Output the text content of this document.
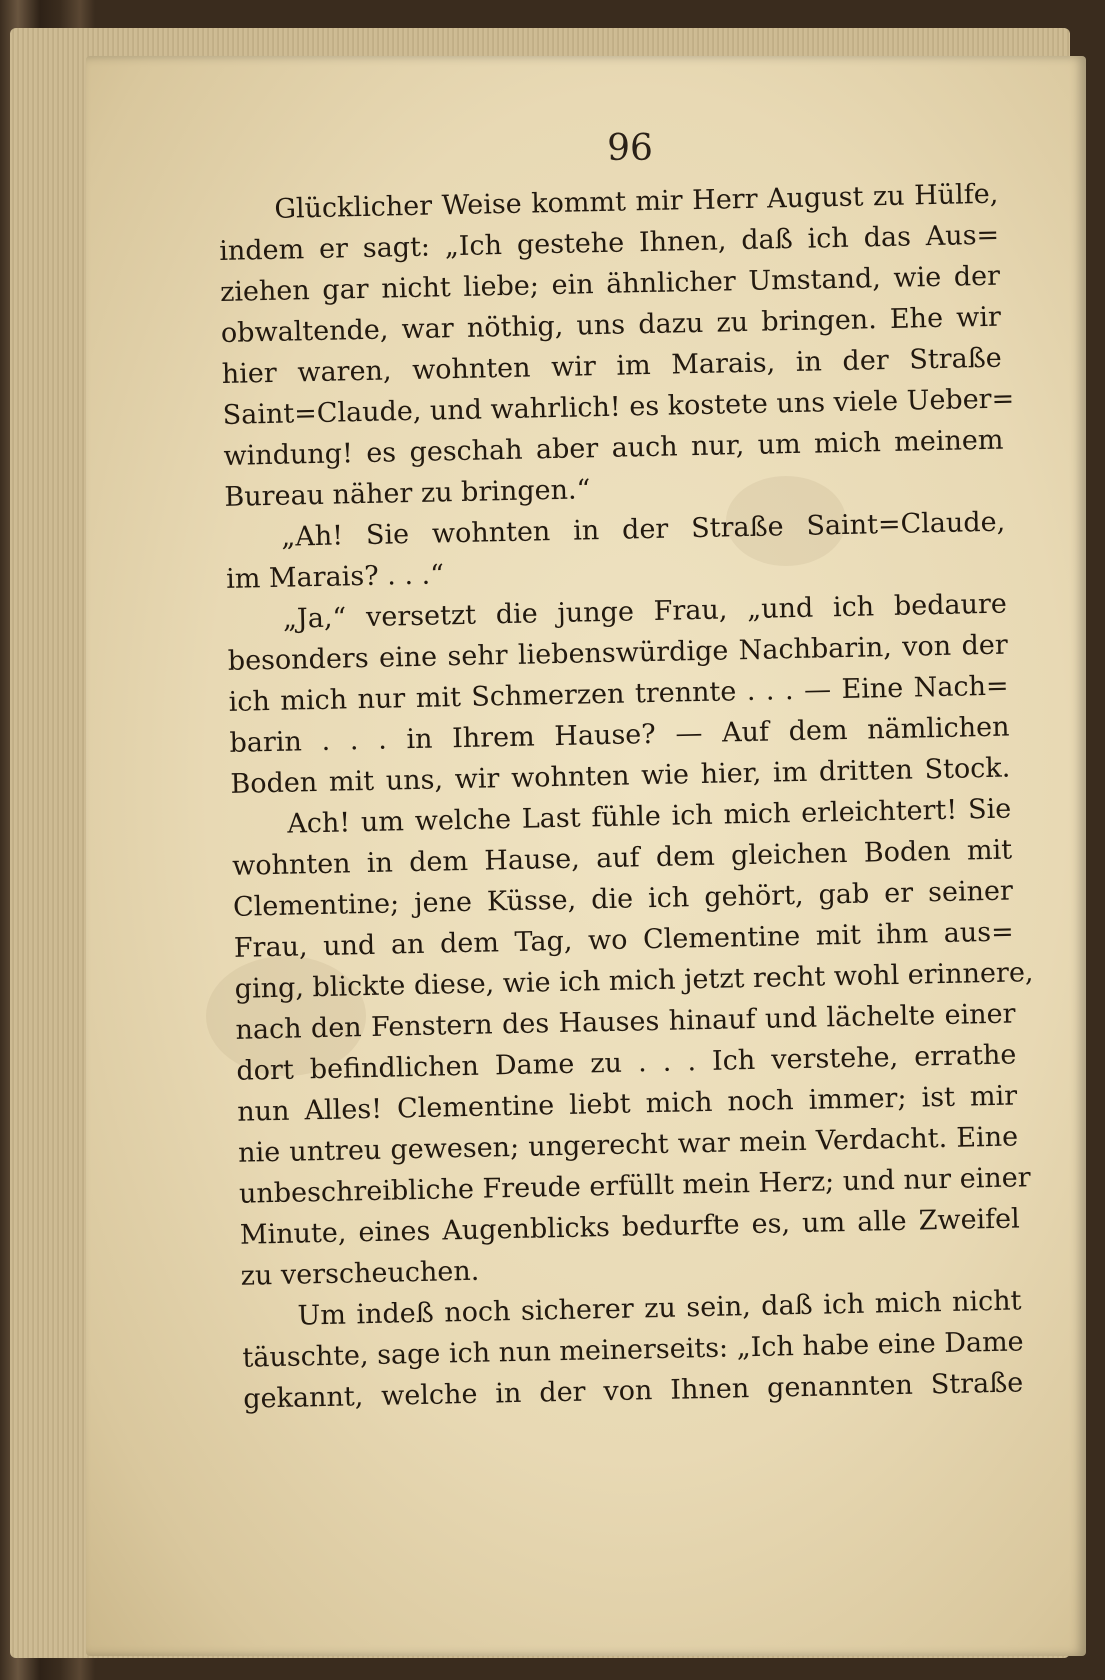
96
Glücklicher Weise kommt mir Herr August zu Hülfe,
indem er sagt: „Ich gestehe Ihnen, daß ich das Aus=
ziehen gar nicht liebe; ein ähnlicher Umstand, wie der
obwaltende, war nöthig, uns dazu zu bringen. Ehe wir
hier waren, wohnten wir im Marais, in der Straße
Saint=Claude, und wahrlich! es kostete uns viele Ueber=
windung! es geschah aber auch nur, um mich meinem
Bureau näher zu bringen.“
„Ah! Sie wohnten in der Straße Saint=Claude,
im Marais? . . .“
„Ja,“ versetzt die junge Frau, „und ich bedaure
besonders eine sehr liebenswürdige Nachbarin, von der
ich mich nur mit Schmerzen trennte . . . — Eine Nach=
barin . . . in Ihrem Hause? — Auf dem nämlichen
Boden mit uns, wir wohnten wie hier, im dritten Stock.
Ach! um welche Last fühle ich mich erleichtert! Sie
wohnten in dem Hause, auf dem gleichen Boden mit
Clementine; jene Küsse, die ich gehört, gab er seiner
Frau, und an dem Tag, wo Clementine mit ihm aus=
ging, blickte diese, wie ich mich jetzt recht wohl erinnere,
nach den Fenstern des Hauses hinauf und lächelte einer
dort befindlichen Dame zu . . . Ich verstehe, errathe
nun Alles! Clementine liebt mich noch immer; ist mir
nie untreu gewesen; ungerecht war mein Verdacht. Eine
unbeschreibliche Freude erfüllt mein Herz; und nur einer
Minute, eines Augenblicks bedurfte es, um alle Zweifel
zu verscheuchen.
Um indeß noch sicherer zu sein, daß ich mich nicht
täuschte, sage ich nun meinerseits: „Ich habe eine Dame
gekannt, welche in der von Ihnen genannten Straße
